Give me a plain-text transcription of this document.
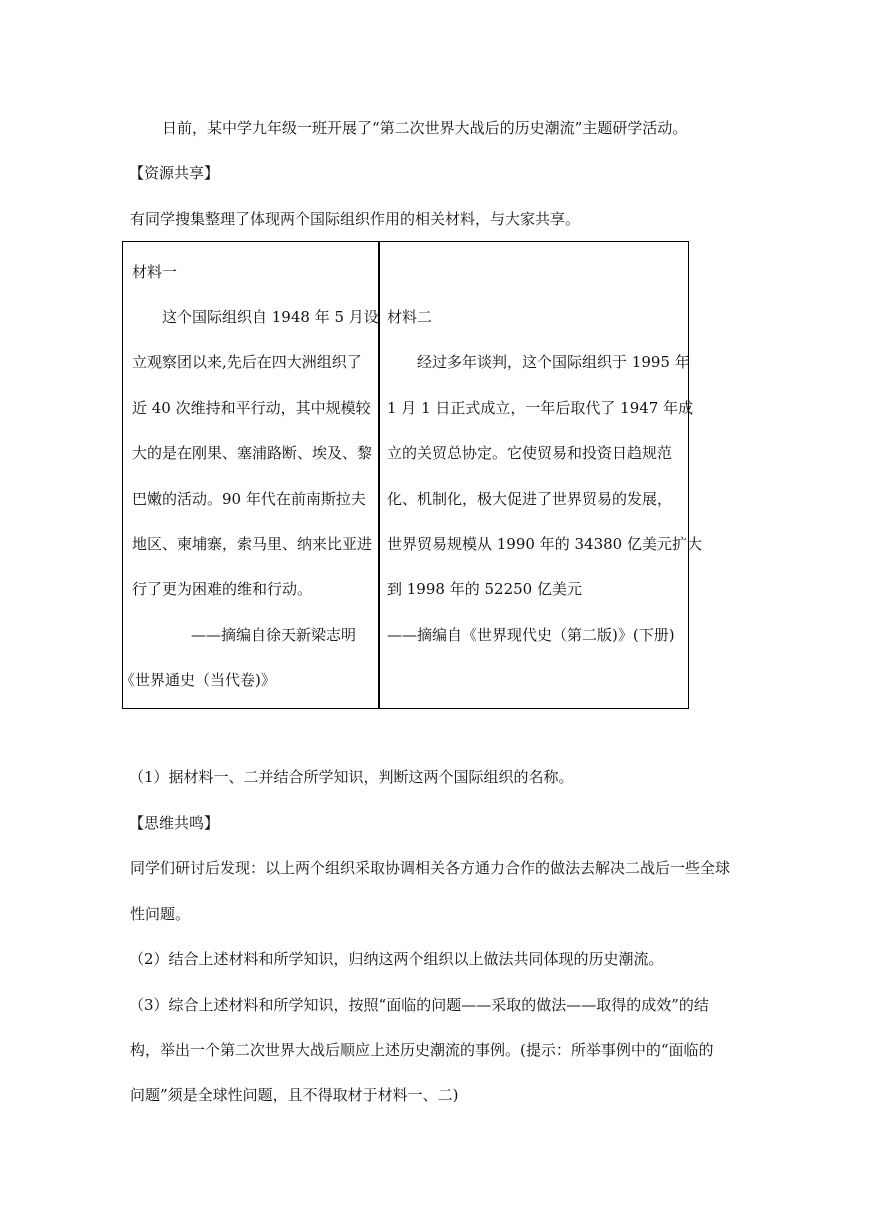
日前，某中学九年级一班开展了“第二次世界大战后的历史潮流”主题研学活动。
【资源共享】
有同学搜集整理了体现两个国际组织作用的相关材料，与大家共享。
材料一
这个国际组织自 1948 年 5 月设
立观察团以来,先后在四大洲组织了
近 40 次维持和平行动，其中规模较
大的是在刚果、塞浦路断、埃及、黎
巴嫩的活动。90 年代在前南斯拉夫
地区、柬埔寨，索马里、纳来比亚进
行了更为困难的维和行动。
——摘编自徐天新梁志明
《世界通史（当代卷)》
材料二
经过多年谈判，这个国际组织于 1995 年
1 月 1 日正式成立，一年后取代了 1947 年成
立的关贸总协定。它使贸易和投资日趋规范
化、机制化，极大促进了世界贸易的发展，
世界贸易规模从 1990 年的 34380 亿美元扩大
到 1998 年的 52250 亿美元
——摘编自《世界现代史（第二版)》(下册)
（1）据材料一、二并结合所学知识，判断这两个国际组织的名称。
【思维共鸣】
同学们研讨后发现：以上两个组织采取协调相关各方通力合作的做法去解决二战后一些全球
性问题。
（2）结合上述材料和所学知识，归纳这两个组织以上做法共同体现的历史潮流。
（3）综合上述材料和所学知识，按照“面临的问题——采取的做法——取得的成效”的结
构，举出一个第二次世界大战后顺应上述历史潮流的事例。(提示：所举事例中的“面临的
问题”须是全球性问题，且不得取材于材料一、二)
